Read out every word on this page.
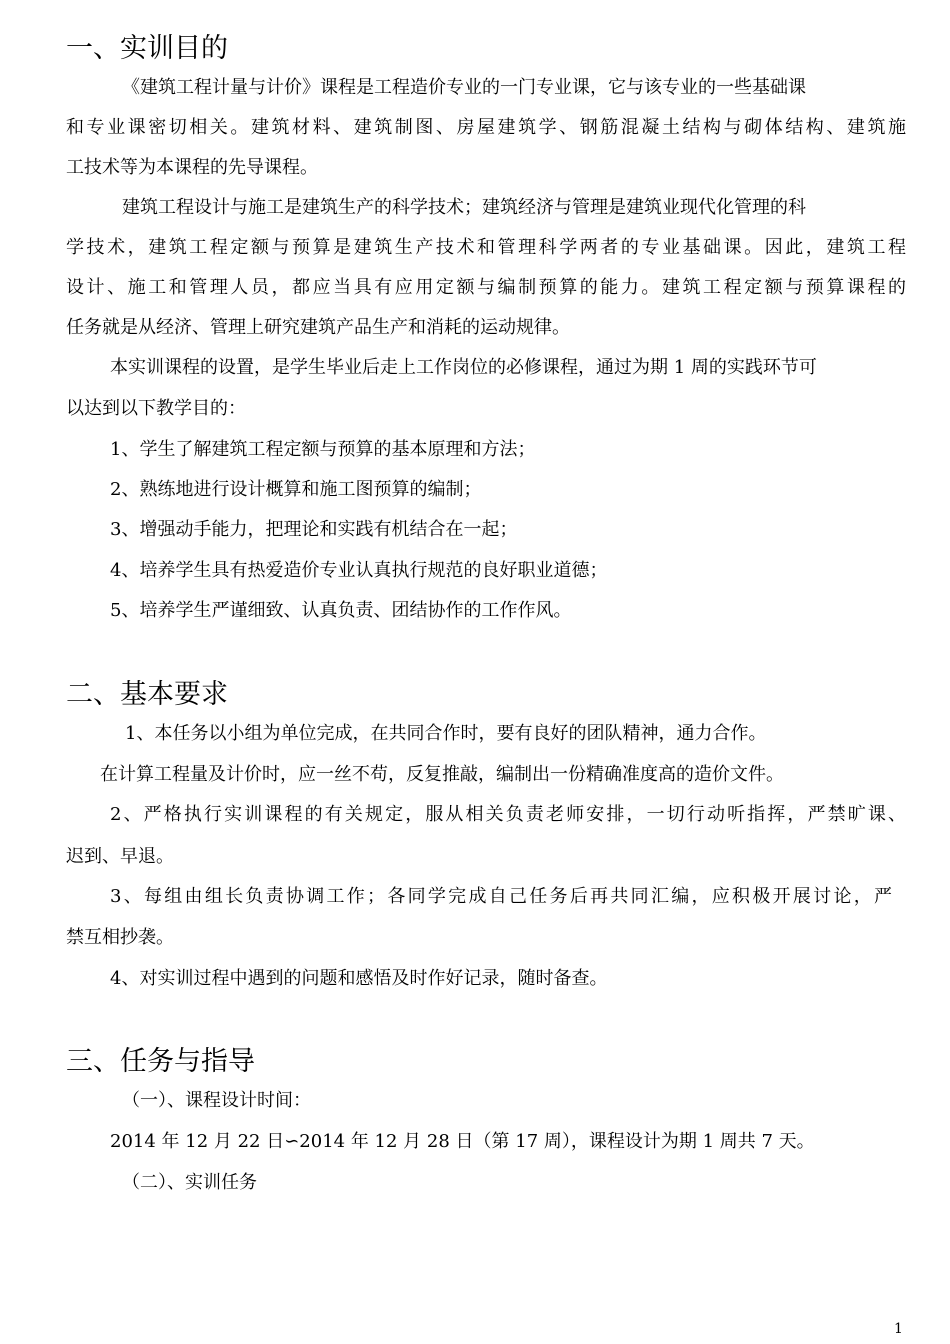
一、实训目的
《建筑工程计量与计价》课程是工程造价专业的一门专业课，它与该专业的一些基础课
和专业课密切相关。建筑材料、建筑制图、房屋建筑学、钢筋混凝土结构与砌体结构、建筑施
工技术等为本课程的先导课程。
建筑工程设计与施工是建筑生产的科学技术；建筑经济与管理是建筑业现代化管理的科
学技术，建筑工程定额与预算是建筑生产技术和管理科学两者的专业基础课。因此，建筑工程
设计、施工和管理人员，都应当具有应用定额与编制预算的能力。建筑工程定额与预算课程的
任务就是从经济、管理上研究建筑产品生产和消耗的运动规律。
本实训课程的设置，是学生毕业后走上工作岗位的必修课程，通过为期 1 周的实践环节可
以达到以下教学目的：
1、学生了解建筑工程定额与预算的基本原理和方法；
2、熟练地进行设计概算和施工图预算的编制；
3、增强动手能力，把理论和实践有机结合在一起；
4、培养学生具有热爱造价专业认真执行规范的良好职业道德；
5、培养学生严谨细致、认真负责、团结协作的工作作风。
二、基本要求
1、本任务以小组为单位完成，在共同合作时，要有良好的团队精神，通力合作。
在计算工程量及计价时，应一丝不苟，反复推敲，编制出一份精确准度高的造价文件。
2、严格执行实训课程的有关规定，服从相关负责老师安排，一切行动听指挥，严禁旷课、
迟到、早退。
3、每组由组长负责协调工作；各同学完成自己任务后再共同汇编，应积极开展讨论，严
禁互相抄袭。
4、对实训过程中遇到的问题和感悟及时作好记录，随时备查。
三、任务与指导
（一）、课程设计时间：
2014 年 12 月 22 日∽2014 年 12 月 28 日（第 17 周），课程设计为期 1 周共 7 天。
（二）、实训任务
1
